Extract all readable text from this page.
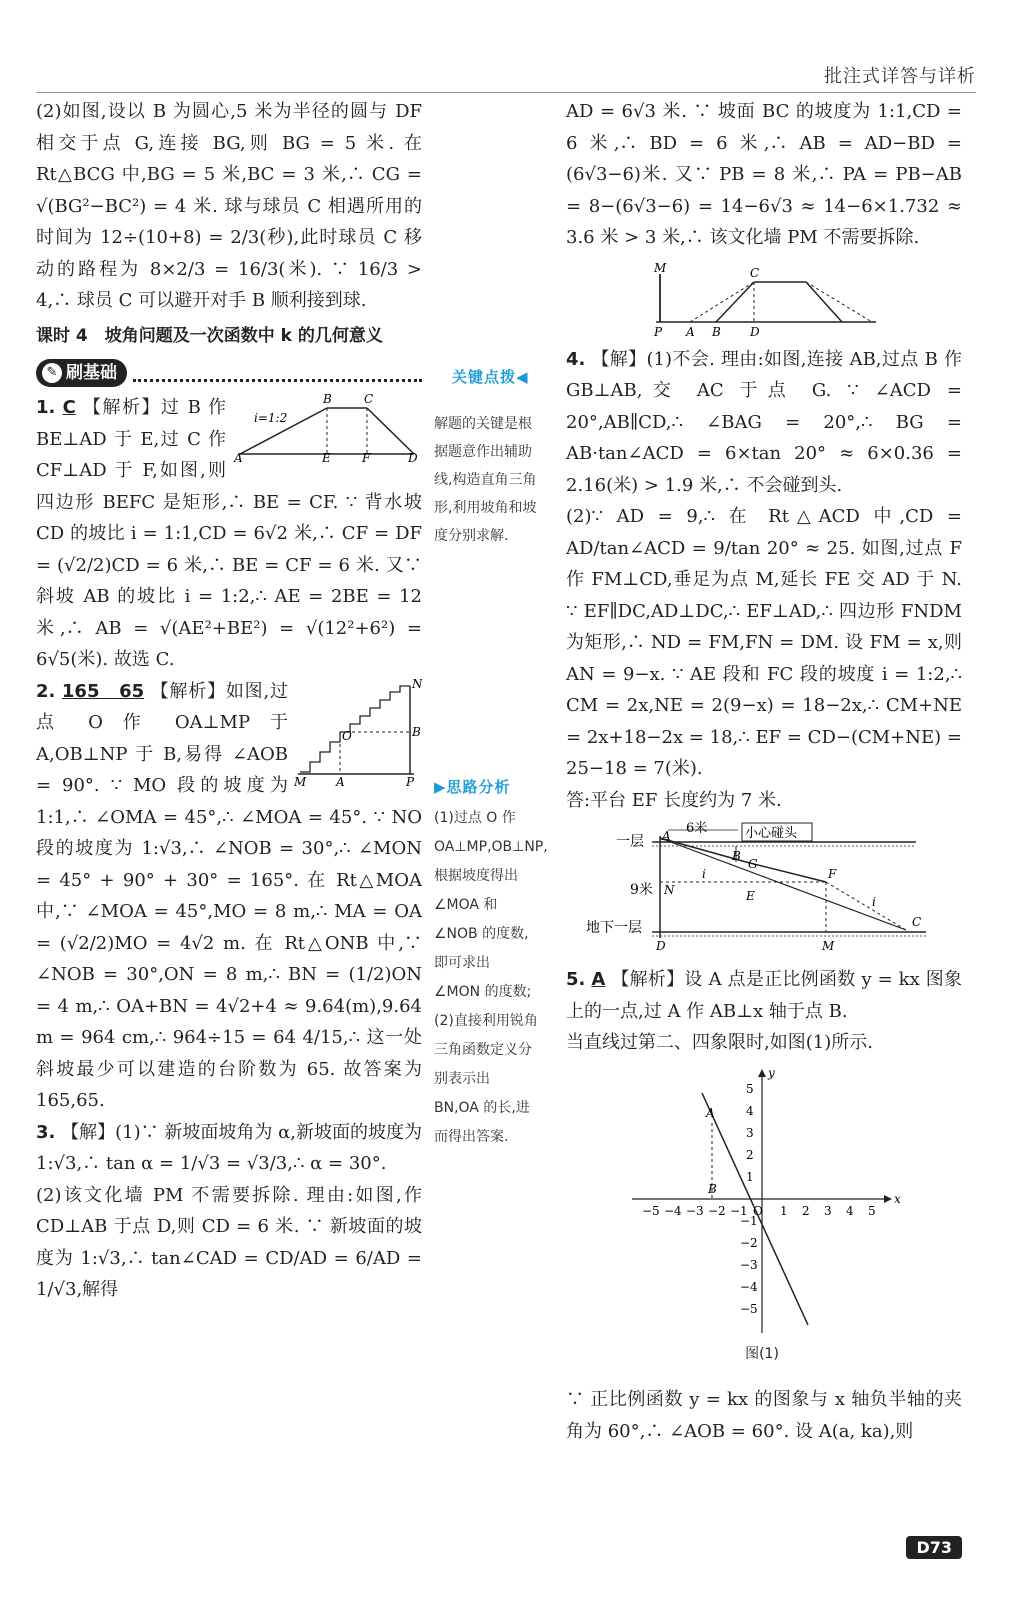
批注式详答与详析

(2)如图,设以 B 为圆心,5 米为半径的圆与 DF 相交于点 G,连接 BG,则 BG = 5 米. 在 Rt△BCG 中,BG = 5 米,BC = 3 米,∴ CG = √(BG²−BC²) = 4 米. 球与球员 C 相遇所用的时间为 12÷(10+8) = 2/3(秒),此时球员 C 移动的路程为 8×2/3 = 16/3(米). ∵ 16/3 > 4,∴ 球员 C 可以避开对手 B 顺利接到球.

课时 4　坡角问题及一次函数中 k 的几何意义
✎ 刷基础
B	C
i=1:2
A	E	F	D

1. C 【解析】过 B 作 BE⊥AD 于 E,过 C 作 CF⊥AD 于 F,如图,则四边形 BEFC 是矩形,∴ BE = CF. ∵ 背水坡 CD 的坡比 i = 1:1,CD = 6√2 米,∴ CF = DF = (√2/2)CD = 6 米,∴ BE = CF = 6 米. 又∵ 斜坡 AB 的坡比 i = 1:2,∴ AE = 2BE = 12 米,∴ AB = √(AE²+BE²) = √(12²+6²) = 6√5(米). 故选 C.

N
B
O
M A	P

2. 165　65 【解析】如图,过点 O 作 OA⊥MP 于 A,OB⊥NP 于 B,易得 ∠AOB = 90°. ∵ MO 段的坡度为 1:1,∴ ∠OMA = 45°,∴ ∠MOA = 45°. ∵ NO 段的坡度为 1:√3,∴ ∠NOB = 30°,∴ ∠MON = 45° + 90° + 30° = 165°. 在 Rt△MOA 中,∵ ∠MOA = 45°,MO = 8 m,∴ MA = OA = (√2/2)MO = 4√2 m. 在 Rt△ONB 中,∵ ∠NOB = 30°,ON = 8 m,∴ BN = (1/2)ON = 4 m,∴ OA+BN = 4√2+4 ≈ 9.64(m),9.64 m = 964 cm,∴ 964÷15 = 64 4/15,∴ 这一处斜坡最少可以建造的台阶数为 65. 故答案为 165,65.

3. 【解】(1)∵ 新坡面坡角为 α,新坡面的坡度为 1:√3,∴ tan α = 1/√3 = √3/3,∴ α = 30°.

(2)该文化墙 PM 不需要拆除. 理由:如图,作 CD⊥AB 于点 D,则 CD = 6 米. ∵ 新坡面的坡度为 1:√3,∴ tan∠CAD = CD/AD = 6/AD = 1/√3,解得

关键点拨◀
解题的关键是根据题意作出辅助线,构造直角三角形,利用坡角和坡度分别求解.
▶思路分析
(1)过点 O 作 OA⊥MP,OB⊥NP,根据坡度得出 ∠MOA 和 ∠NOB 的度数,即可求出 ∠MON 的度数;(2)直接利用锐角三角函数定义分别表示出 BN,OA 的长,进而得出答案.

AD = 6√3 米. ∵ 坡面 BC 的坡度为 1:1,CD = 6 米,∴ BD = 6 米,∴ AB = AD−BD = (6√3−6)米. 又∵ PB = 8 米,∴ PA = PB−AB = 8−(6√3−6) = 14−6√3 ≈ 14−6×1.732 ≈ 3.6 米 > 3 米,∴ 该文化墙 PM 不需要拆除.

M	C
P A B D

4. 【解】(1)不会. 理由:如图,连接 AB,过点 B 作 GB⊥AB,交 AC 于点 G. ∵ ∠ACD = 20°,AB∥CD,∴ ∠BAG = 20°,∴ BG = AB·tan∠ACD = 6×tan 20° ≈ 6×0.36 = 2.16(米) > 1.9 米,∴ 不会碰到头.

(2)∵ AD = 9,∴ 在 Rt△ACD 中,CD = AD/tan∠ACD = 9/tan 20° ≈ 25. 如图,过点 F 作 FM⊥CD,垂足为点 M,延长 FE 交 AD 于 N. ∵ EF∥DC,AD⊥DC,∴ EF⊥AD,∴ 四边形 FNDM 为矩形,∴ ND = FM,FN = DM. 设 FM = x,则 AN = 9−x. ∵ AE 段和 FC 段的坡度 i = 1:2,∴ CM = 2x,NE = 2(9−x) = 18−2x,∴ CM+NE = 2x+18−2x = 18,∴ EF = CD−(CM+NE) = 25−18 = 7(米).

答:平台 EF 长度约为 7 米.

6米	小心碰头
一层
9米
地下一层
A
B
G
N
i
E
F
i
C
D	M

5. A 【解析】设 A 点是正比例函数 y = kx 图象上的一点,过 A 作 AB⊥x 轴于点 B.

当直线过第二、四象限时,如图(1)所示.

x
y
−5 −4 −3 −2 −1 O 1 2 3 4 5
5
4
3
2
1
−1
−2
−3
−4
−5
A
B
图(1)

∵ 正比例函数 y = kx 的图象与 x 轴负半轴的夹角为 60°,∴ ∠AOB = 60°. 设 A(a, ka),则

D73
